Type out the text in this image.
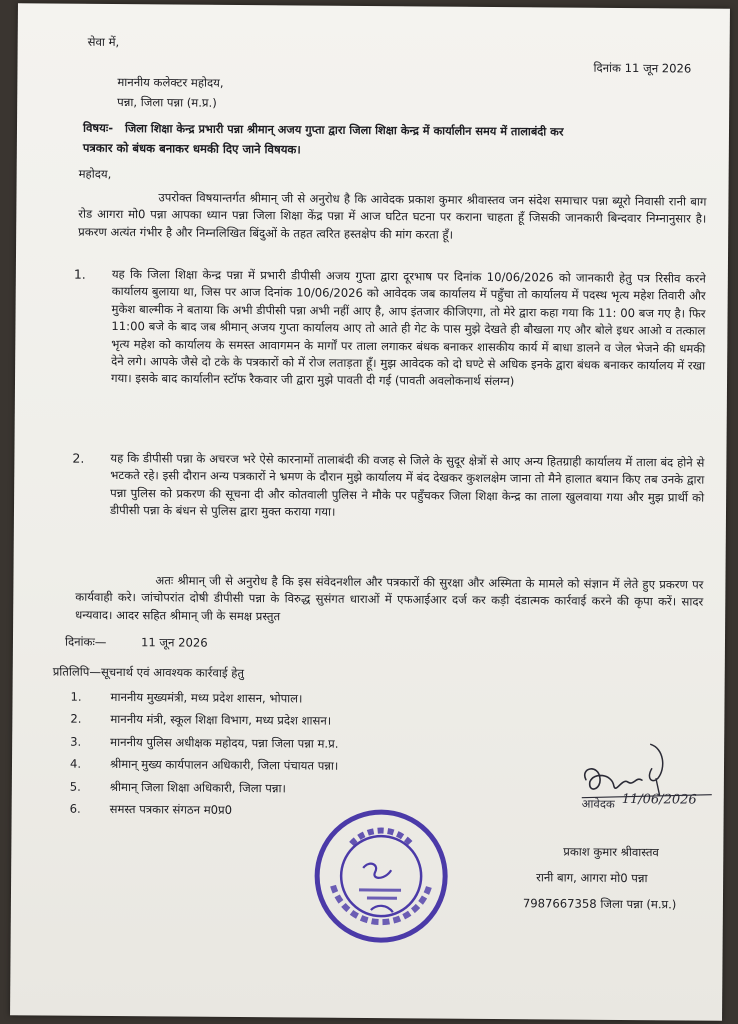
सेवा में,
दिनांक 11 जून 2026
माननीय कलेक्टर महोदय,
पन्ना, जिला पन्ना (म.प्र.)
विषयः- जिला शिक्षा केन्द्र प्रभारी पन्ना श्रीमान् अजय गुप्ता द्वारा जिला शिक्षा केन्द्र में कार्यालीन समय में तालाबंदी कर
पत्रकार को बंधक बनाकर धमकी दिए जाने विषयक।
महोदय,
उपरोक्त विषयान्तर्गत श्रीमान् जी से अनुरोध है कि आवेदक प्रकाश कुमार श्रीवास्तव जन संदेश समाचार पन्ना ब्यूरो निवासी रानी बाग रोड आगरा मो0 पन्ना आपका ध्यान पन्ना जिला शिक्षा केंद्र पन्ना में आज घटित घटना पर कराना चाहता हूँ जिसकी जानकारी बिन्दवार निम्नानुसार है। प्रकरण अत्यंत गंभीर है और निम्नलिखित बिंदुओं के तहत त्वरित हस्तक्षेप की मांग करता हूँ।
1. यह कि जिला शिक्षा केन्द्र पन्ना में प्रभारी डीपीसी अजय गुप्ता द्वारा दूरभाष पर दिनांक 10/06/2026 को जानकारी हेतु पत्र रिसीव करने कार्यालय बुलाया था, जिस पर आज दिनांक 10/06/2026 को आवेदक जब कार्यालय में पहुँचा तो कार्यालय में पदस्थ भृत्य महेश तिवारी और मुकेश बाल्मीक ने बताया कि अभी डीपीसी पन्ना अभी नहीं आए है, आप इंतजार कीजिएगा, तो मेरे द्वारा कहा गया कि 11: 00 बज गए है। फिर 11:00 बजे के बाद जब श्रीमान् अजय गुप्ता कार्यालय आए तो आते ही गेट के पास मुझे देखते ही बौखला गए और बोले इधर आओ व तत्काल भृत्य महेश को कार्यालय के समस्त आवागमन के मार्गों पर ताला लगाकर बंधक बनाकर शासकीय कार्य में बाधा डालने व जेल भेजने की धमकी देने लगे। आपके जैसे दो टके के पत्रकारों को में रोज लताड़ता हूँ। मुझ आवेदक को दो घण्टे से अधिक इनके द्वारा बंधक बनाकर कार्यालय में रखा गया। इसके बाद कार्यालीन स्टॉफ रैकवार जी द्वारा मुझे पावती दी गई (पावती अवलोकनार्थ संलग्न)
2. यह कि डीपीसी पन्ना के अचरज भरे ऐसे कारनामों तालाबंदी की वजह से जिले के सुदूर क्षेत्रों से आए अन्य हितग्राही कार्यालय में ताला बंद होने से भटकते रहे। इसी दौरान अन्य पत्रकारों ने भ्रमण के दौरान मुझे कार्यालय में बंद देखकर कुशलक्षेम जाना तो मैने हालात बयान किए तब उनके द्वारा पन्ना पुलिस को प्रकरण की सूचना दी और कोतवाली पुलिस ने मौके पर पहुँचकर जिला शिक्षा केन्द्र का ताला खुलवाया गया और मुझ प्रार्थी को डीपीसी पन्ना के बंधन से पुलिस द्वारा मुक्त कराया गया।
अतः श्रीमान् जी से अनुरोध है कि इस संवेदनशील और पत्रकारों की सुरक्षा और अस्मिता के मामले को संज्ञान में लेते हुए प्रकरण पर कार्यवाही करे। जांचोपरांत दोषी डीपीसी पन्ना के विरुद्ध सुसंगत धाराओं में एफआईआर दर्ज कर कड़ी दंडात्मक कार्रवाई करने की कृपा करें। सादर धन्यवाद। आदर सहित श्रीमान् जी के समक्ष प्रस्तुत
दिनांकः—	11 जून 2026
प्रतिलिपि—सूचनार्थ एवं आवश्यक कार्रवाई हेतु
1.	माननीय मुख्यमंत्री, मध्य प्रदेश शासन, भोपाल।
2.	माननीय मंत्री, स्कूल शिक्षा विभाग, मध्य प्रदेश शासन।
3.	माननीय पुलिस अधीक्षक महोदय, पन्ना जिला पन्ना म.प्र.
4.	श्रीमान् मुख्य कार्यपालन अधिकारी, जिला पंचायत पन्ना।
5.	श्रीमान् जिला शिक्षा अधिकारी, जिला पन्ना।
6.	समस्त पत्रकार संगठन म0प्र0	आवेदक 11/06/2026
प्रकाश कुमार श्रीवास्तव
रानी बाग, आगरा मो0 पन्ना
7987667358 जिला पन्ना (म.प्र.)
